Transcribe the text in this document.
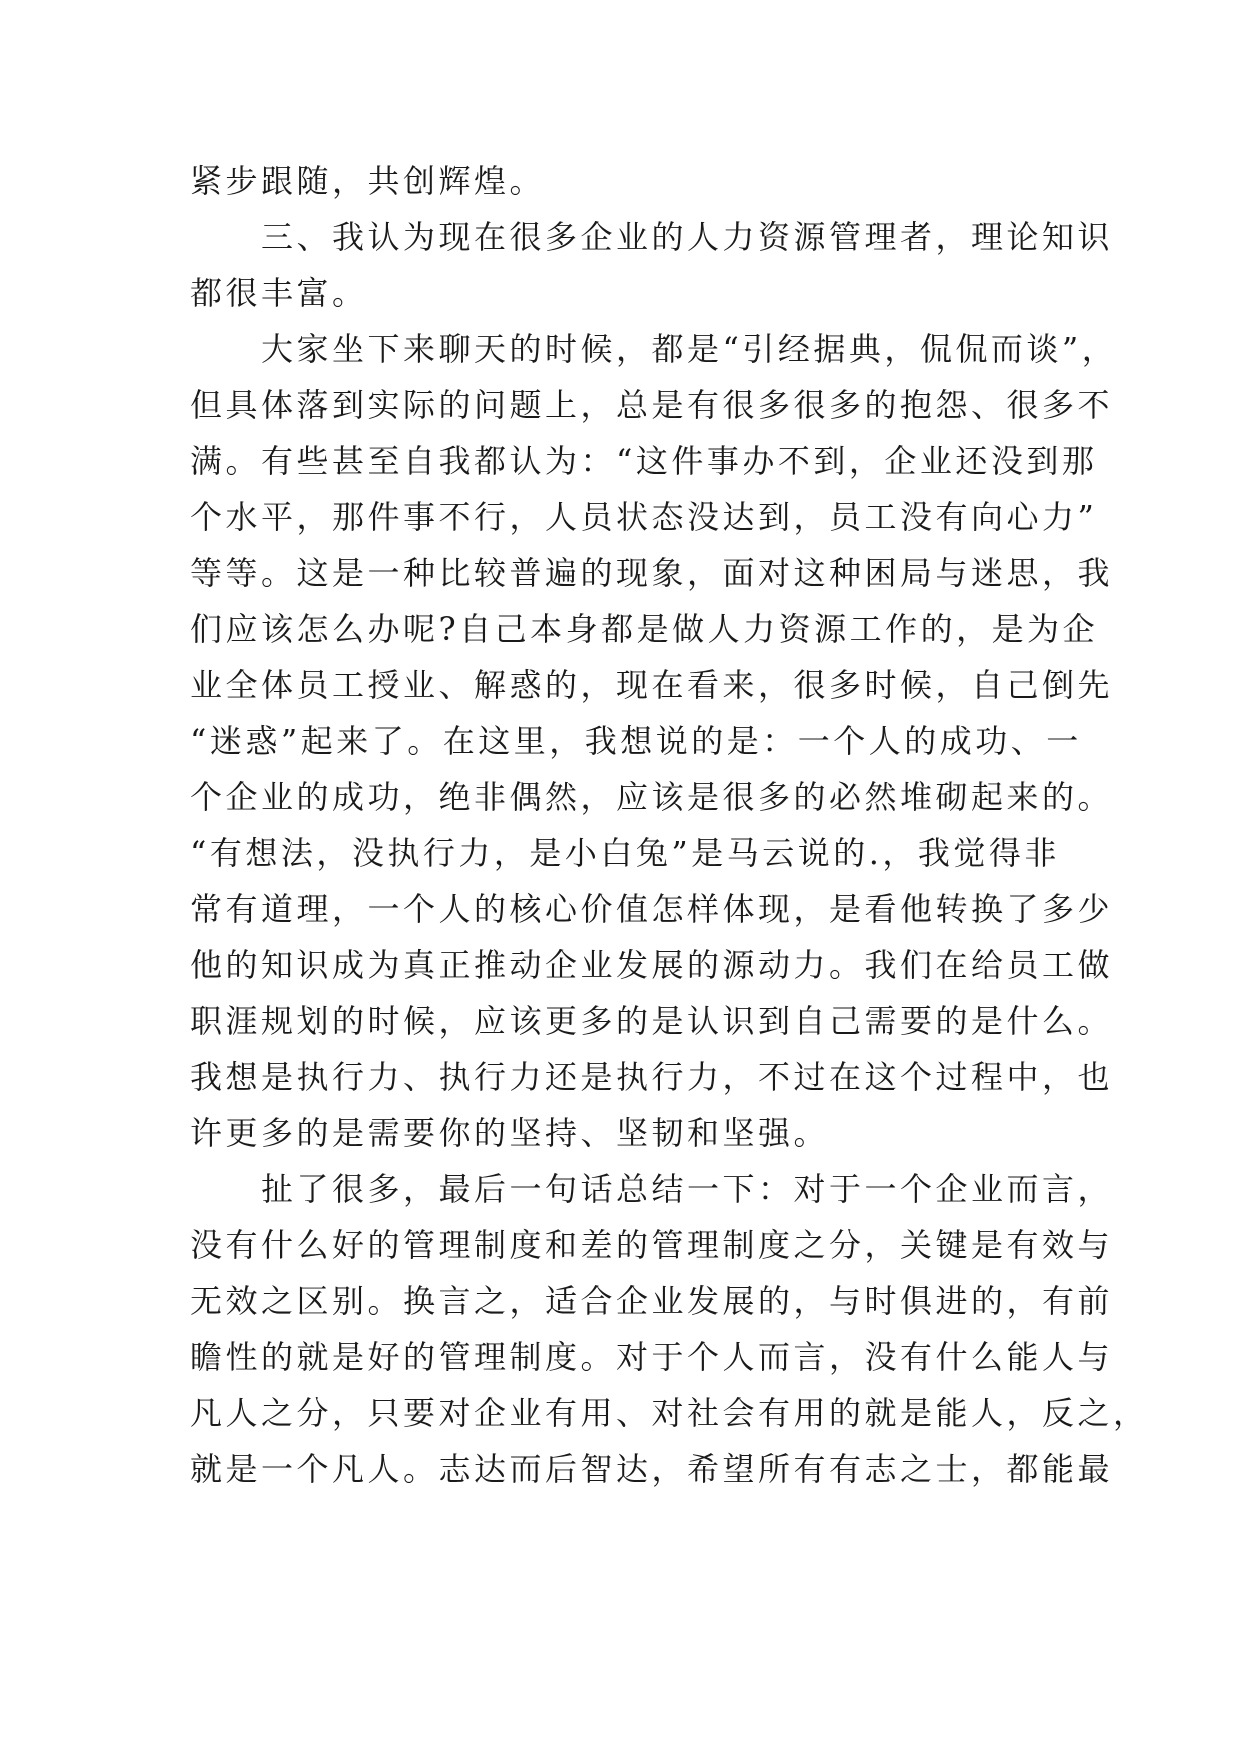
紧步跟随，共创辉煌。
　　三、我认为现在很多企业的人力资源管理者，理论知识
都很丰富。
　　大家坐下来聊天的时候，都是“引经据典，侃侃而谈”，
但具体落到实际的问题上，总是有很多很多的抱怨、很多不
满。有些甚至自我都认为：“这件事办不到，企业还没到那
个水平，那件事不行，人员状态没达到，员工没有向心力”
等等。这是一种比较普遍的现象，面对这种困局与迷思，我
们应该怎么办呢?自己本身都是做人力资源工作的，是为企
业全体员工授业、解惑的，现在看来，很多时候，自己倒先
“迷惑”起来了。在这里，我想说的是：一个人的成功、一
个企业的成功，绝非偶然，应该是很多的必然堆砌起来的。
“有想法，没执行力，是小白兔”是马云说的.，我觉得非
常有道理，一个人的核心价值怎样体现，是看他转换了多少
他的知识成为真正推动企业发展的源动力。我们在给员工做
职涯规划的时候，应该更多的是认识到自己需要的是什么。
我想是执行力、执行力还是执行力，不过在这个过程中，也
许更多的是需要你的坚持、坚韧和坚强。
　　扯了很多，最后一句话总结一下：对于一个企业而言，
没有什么好的管理制度和差的管理制度之分，关键是有效与
无效之区别。换言之，适合企业发展的，与时俱进的，有前
瞻性的就是好的管理制度。对于个人而言，没有什么能人与
凡人之分，只要对企业有用、对社会有用的就是能人，反之，
就是一个凡人。志达而后智达，希望所有有志之士，都能最
